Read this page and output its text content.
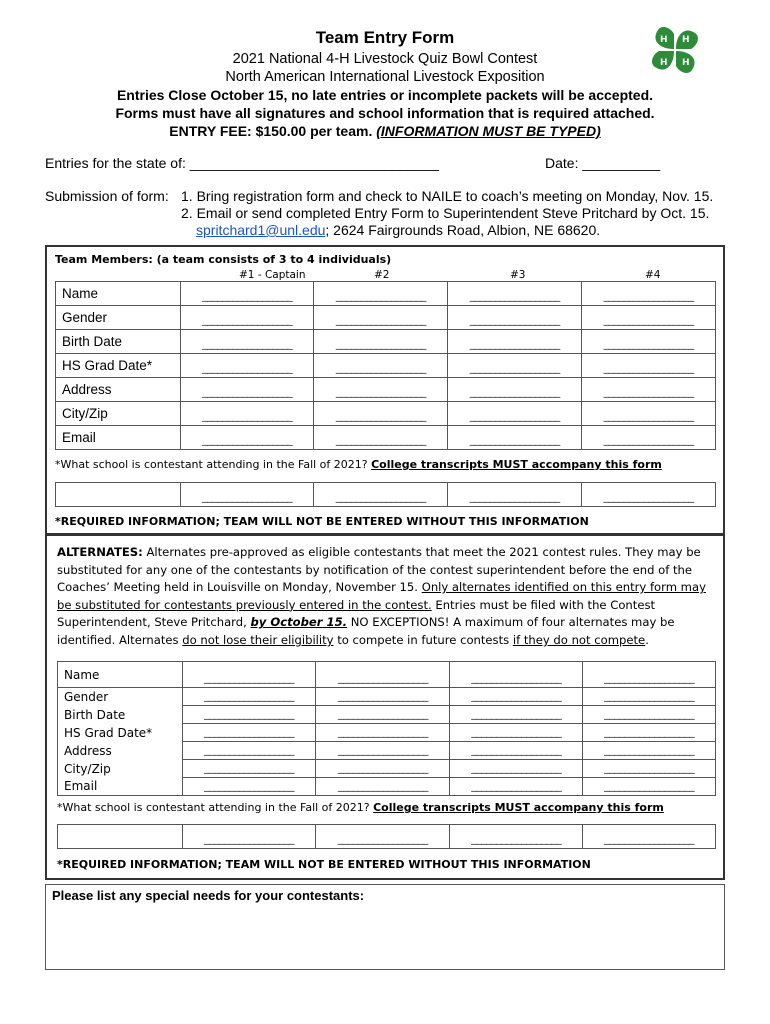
Team Entry Form
2021 National 4-H Livestock Quiz Bowl Contest
North American International Livestock Exposition
Entries Close October 15, no late entries or incomplete packets will be accepted.
Forms must have all signatures and school information that is required attached.
ENTRY FEE: $150.00 per team. (INFORMATION MUST BE TYPED)
H H
H H
Entries for the state of: ________________________________	Date: __________
Submission of form: 1. Bring registration form and check to NAILE to coach’s meeting on Monday, Nov. 15.
2. Email or send completed Entry Form to Superintendent Steve Pritchard by Oct. 15.
spritchard1@unl.edu; 2624 Fairgrounds Road, Albion, NE 68620.
Team Members: (a team consists of 3 to 4 individuals)
#1 - Captain	#2	#3	#4
Name	__________________	__________________	__________________	__________________
Gender	__________________	__________________	__________________	__________________
Birth Date	__________________	__________________	__________________	__________________
HS Grad Date*	__________________	__________________	__________________	__________________
Address	__________________	__________________	__________________	__________________
City/Zip	__________________	__________________	__________________	__________________
Email	__________________	__________________	__________________	__________________
*What school is contestant attending in the Fall of 2021? College transcripts MUST accompany this form
	__________________	__________________	__________________	__________________
*REQUIRED INFORMATION; TEAM WILL NOT BE ENTERED WITHOUT THIS INFORMATION
ALTERNATES: Alternates pre-approved as eligible contestants that meet the 2021 contest rules. They may be substituted for any one of the contestants by notification of the contest superintendent before the end of the Coaches’ Meeting held in Louisville on Monday, November 15. Only alternates identified on this entry form may be substituted for contestants previously entered in the contest. Entries must be filed with the Contest Superintendent, Steve Pritchard, by October 15. NO EXCEPTIONS! A maximum of four alternates may be identified. Alternates do not lose their eligibility to compete in future contests if they do not compete.
Name	__________________	__________________	__________________	__________________
Gender	__________________	__________________	__________________	__________________
Birth Date	__________________	__________________	__________________	__________________
HS Grad Date*	__________________	__________________	__________________	__________________
Address	__________________	__________________	__________________	__________________
City/Zip	__________________	__________________	__________________	__________________
Email	__________________	__________________	__________________	__________________
*What school is contestant attending in the Fall of 2021? College transcripts MUST accompany this form
	__________________	__________________	__________________	__________________
*REQUIRED INFORMATION; TEAM WILL NOT BE ENTERED WITHOUT THIS INFORMATION
Please list any special needs for your contestants:
